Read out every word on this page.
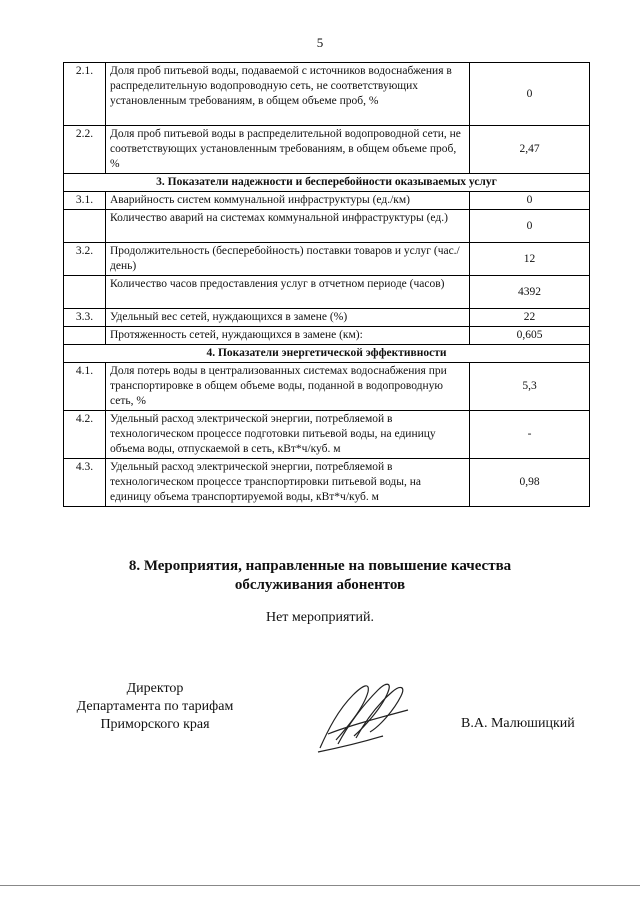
5
2.1.	Доля проб питьевой воды, подаваемой с источников водоснабжения в распределительную водопроводную сеть, не соответствующих установленным требованиям, в общем объеме проб, %	0
2.2.	Доля проб питьевой воды в распределительной водопроводной сети, не соответствующих установленным требованиям, в общем объеме проб, %	2,47
3. Показатели надежности и бесперебойности оказываемых услуг		
3.1.	Аварийность систем коммунальной инфраструктуры (ед./км)	0
	Количество аварий на системах коммунальной инфраструктуры (ед.)	0
3.2.	Продолжительность (бесперебойность) поставки товаров и услуг (час./день)	12
	Количество часов предоставления услуг в отчетном периоде (часов)	4392
3.3.	Удельный вес сетей, нуждающихся в замене (%)	22
	Протяженность сетей, нуждающихся в замене (км):	0,605
4. Показатели энергетической эффективности		
4.1.	Доля потерь воды в централизованных системах водоснабжения при транспортировке в общем объеме воды, поданной в водопроводную сеть, %	5,3
4.2.	Удельный расход электрической энергии, потребляемой в технологическом процессе подготовки питьевой воды, на единицу объема воды, отпускаемой в сеть, кВт*ч/куб. м	-
4.3.	Удельный расход электрической энергии, потребляемой в технологическом процессе транспортировки питьевой воды, на единицу объема транспортируемой воды, кВт*ч/куб. м	0,98
8. Мероприятия, направленные на повышение качества
обслуживания абонентов
Нет мероприятий.
Директор
Департамента по тарифам
Приморского края	В.А. Малюшицкий
